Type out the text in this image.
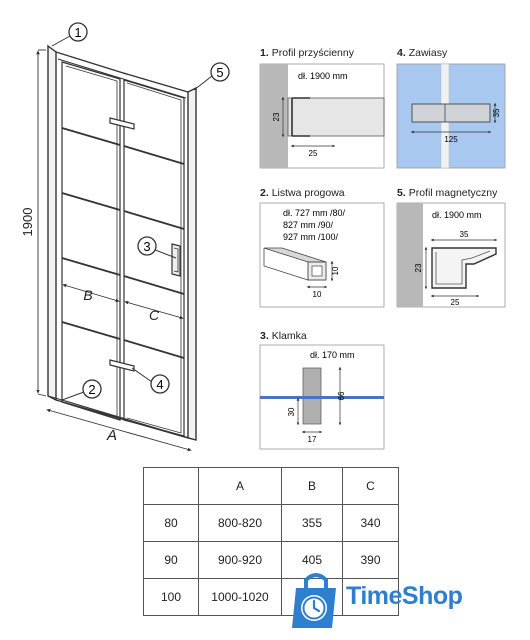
1900
A
B
C
1
2
3
4
5
23
25
dł. 1900 mm
35
125
10
10
dł. 727 mm /80/
827 mm /90/
927 mm /100/	35
23
25
dł. 1900 mm
66
30
17
dł. 170 mm
1. Profil przyścienny	4. Zawiasy
2. Listwa progowa	5. Profil magnetyczny
3. Klamka
	A	B	C
80	800-820	355	340
90	900-920	405	390
100	1000-1020			TimeShop
